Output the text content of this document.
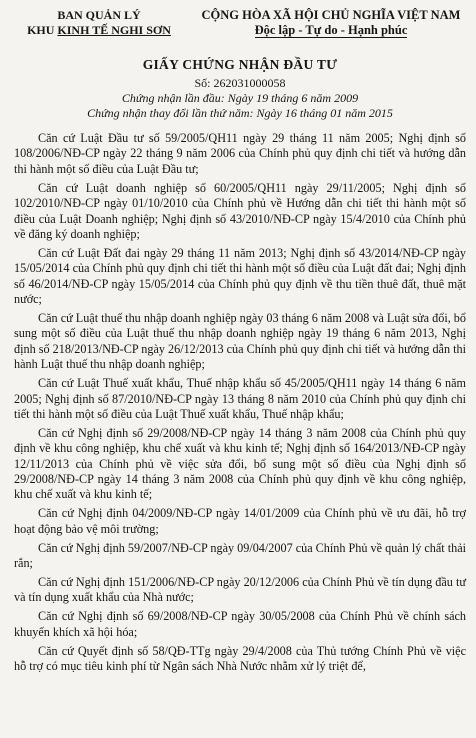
BAN QUẢN LÝ
KHU KINH TẾ NGHI SƠN
CỘNG HÒA XÃ HỘI CHỦ NGHĨA VIỆT NAM
Độc lập - Tự do - Hạnh phúc
GIẤY CHỨNG NHẬN ĐẦU TƯ
Số: 262031000058
Chứng nhận lần đầu: Ngày 19 tháng 6 năm 2009
Chứng nhận thay đổi lần thứ năm: Ngày 16 tháng 01 năm 2015

Căn cứ Luật Đầu tư số 59/2005/QH11 ngày 29 tháng 11 năm 2005; Nghị định số 108/2006/NĐ-CP ngày 22 tháng 9 năm 2006 của Chính phủ quy định chi tiết và hướng dẫn thi hành một số điều của Luật Đầu tư;

Căn cứ Luật doanh nghiệp số 60/2005/QH11 ngày 29/11/2005; Nghị định số 102/2010/NĐ-CP ngày 01/10/2010 của Chính phủ về Hướng dẫn chi tiết thi hành một số điều của Luật Doanh nghiệp; Nghị định số 43/2010/NĐ-CP ngày 15/4/2010 của Chính phủ về đăng ký doanh nghiệp;

Căn cứ Luật Đất đai ngày 29 tháng 11 năm 2013; Nghị định số 43/2014/NĐ-CP ngày 15/05/2014 của Chính phủ quy định chi tiết thi hành một số điều của Luật đất đai; Nghị định số 46/2014/NĐ-CP ngày 15/05/2014 của Chính phủ quy định về thu tiền thuê đất, thuê mặt nước;

Căn cứ Luật thuế thu nhập doanh nghiệp ngày 03 tháng 6 năm 2008 và Luật sửa đổi, bổ sung một số điều của Luật thuế thu nhập doanh nghiệp ngày 19 tháng 6 năm 2013, Nghị định số 218/2013/NĐ-CP ngày 26/12/2013 của Chính phủ quy định chi tiết và hướng dẫn thi hành Luật thuế thu nhập doanh nghiệp;

Căn cứ Luật Thuế xuất khẩu, Thuế nhập khẩu số 45/2005/QH11 ngày 14 tháng 6 năm 2005; Nghị định số 87/2010/NĐ-CP ngày 13 tháng 8 năm 2010 của Chính phủ quy định chi tiết thi hành một số điều của Luật Thuế xuất khẩu, Thuế nhập khẩu;

Căn cứ Nghị định số 29/2008/NĐ-CP ngày 14 tháng 3 năm 2008 của Chính phủ quy định về khu công nghiệp, khu chế xuất và khu kinh tế; Nghị định số 164/2013/NĐ-CP ngày 12/11/2013 của Chính phủ về việc sửa đổi, bổ sung một số điều của Nghị định số 29/2008/NĐ-CP ngày 14 tháng 3 năm 2008 của Chính phủ quy định về khu công nghiệp, khu chế xuất và khu kinh tế;

Căn cứ Nghị định 04/2009/NĐ-CP ngày 14/01/2009 của Chính phủ về ưu đãi, hỗ trợ hoạt động bảo vệ môi trường;

Căn cứ Nghị định 59/2007/NĐ-CP ngày 09/04/2007 của Chính Phủ về quản lý chất thải rắn;

Căn cứ Nghị định 151/2006/NĐ-CP ngày 20/12/2006 của Chính Phủ về tín dụng đầu tư và tín dụng xuất khẩu của Nhà nước;

Căn cứ Nghị định số 69/2008/NĐ-CP ngày 30/05/2008 của Chính Phủ về chính sách khuyến khích xã hội hóa;

Căn cứ Quyết định số 58/QĐ-TTg ngày 29/4/2008 của Thủ tướng Chính Phủ về việc hỗ trợ có mục tiêu kinh phí từ Ngân sách Nhà Nước nhằm xử lý triệt để,
